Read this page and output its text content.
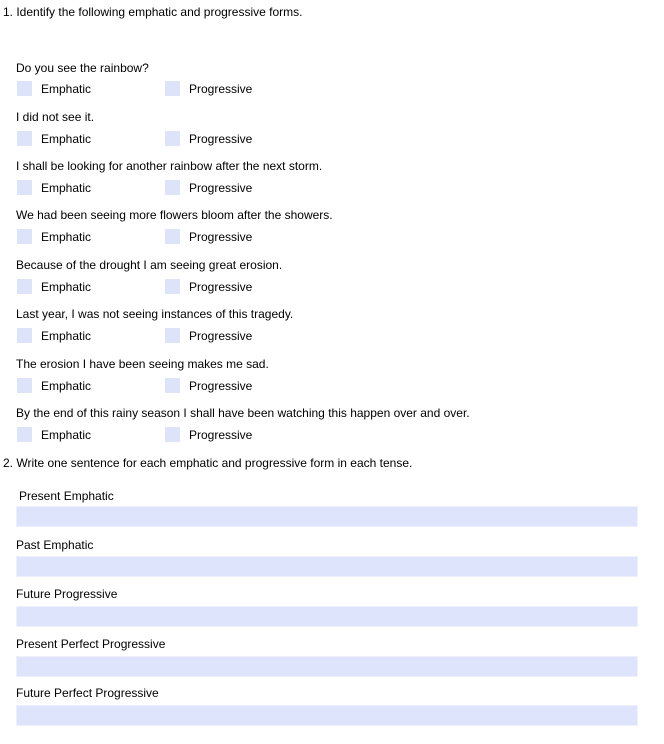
1. Identify the following emphatic and progressive forms.
Do you see the rainbow?
Emphatic	Progressive
I did not see it.
Emphatic	Progressive
I shall be looking for another rainbow after the next storm.
Emphatic	Progressive
We had been seeing more flowers bloom after the showers.
Emphatic	Progressive
Because of the drought I am seeing great erosion.
Emphatic	Progressive
Last year, I was not seeing instances of this tragedy.
Emphatic	Progressive
The erosion I have been seeing makes me sad.
Emphatic	Progressive
By the end of this rainy season I shall have been watching this happen over and over.
Emphatic	Progressive
2. Write one sentence for each emphatic and progressive form in each tense.
Present Emphatic
Past Emphatic
Future Progressive
Present Perfect Progressive
Future Perfect Progressive
